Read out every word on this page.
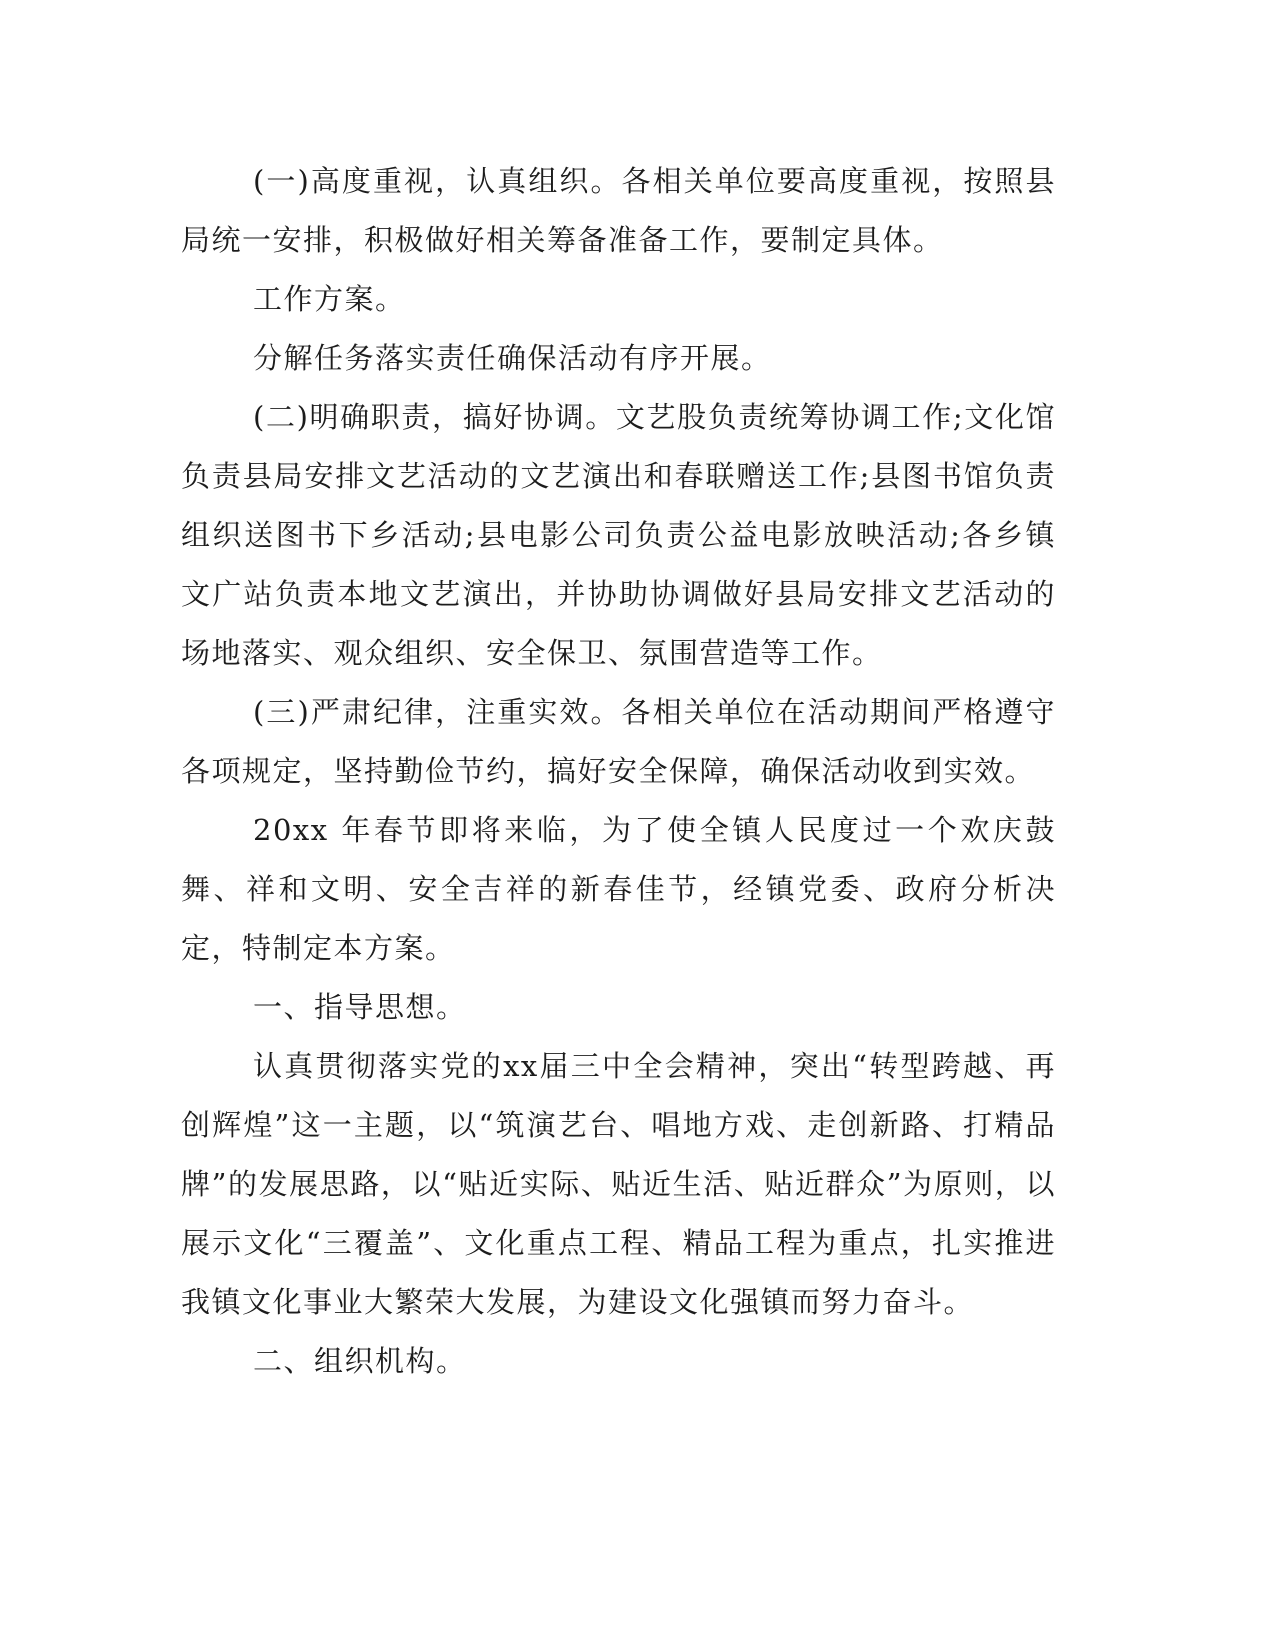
(一)高度重视，认真组织。各相关单位要高度重视，按照县局统一安排，积极做好相关筹备准备工作，要制定具体。

工作方案。

分解任务落实责任确保活动有序开展。

(二)明确职责，搞好协调。文艺股负责统筹协调工作;文化馆负责县局安排文艺活动的文艺演出和春联赠送工作;县图书馆负责组织送图书下乡活动;县电影公司负责公益电影放映活动;各乡镇文广站负责本地文艺演出，并协助协调做好县局安排文艺活动的场地落实、观众组织、安全保卫、氛围营造等工作。

(三)严肃纪律，注重实效。各相关单位在活动期间严格遵守各项规定，坚持勤俭节约，搞好安全保障，确保活动收到实效。

20xx 年春节即将来临，为了使全镇人民度过一个欢庆鼓舞、祥和文明、安全吉祥的新春佳节，经镇党委、政府分析决定，特制定本方案。

一、指导思想。

认真贯彻落实党的xx届三中全会精神，突出“转型跨越、再创辉煌”这一主题，以“筑演艺台、唱地方戏、走创新路、打精品牌”的发展思路，以“贴近实际、贴近生活、贴近群众”为原则，以展示文化“三覆盖”、文化重点工程、精品工程为重点，扎实推进我镇文化事业大繁荣大发展，为建设文化强镇而努力奋斗。

二、组织机构。
